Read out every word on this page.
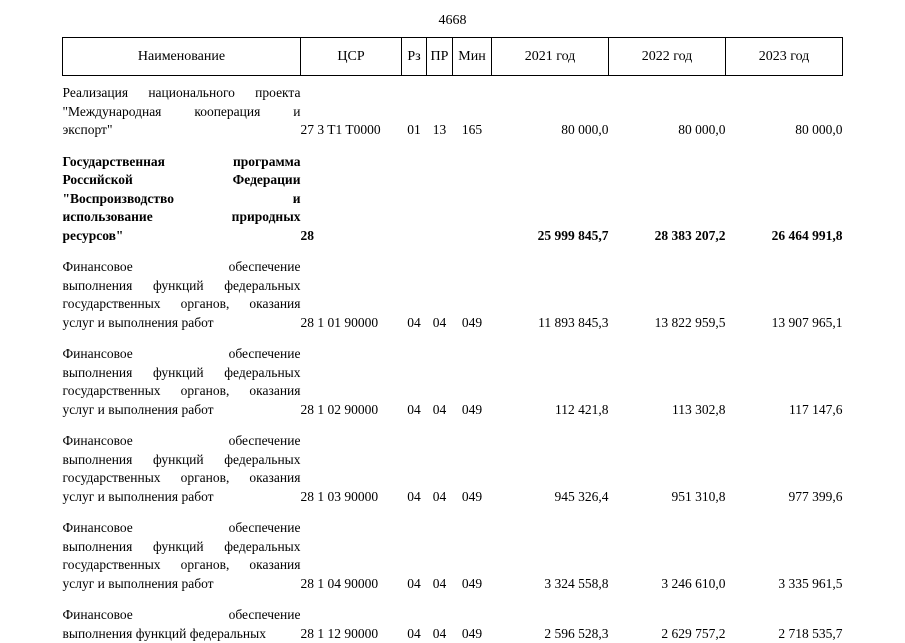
4668
Наименование	ЦСР	Рз	ПР	Мин	2021 год	2022 год	2023 год

Реализация национального проекта
"Международная кооперация и
экспорт"	27 3 T1 T0000	01	13	165	80 000,0	80 000,0	80 000,0

Государственная программа
Российской Федерации
"Воспроизводство и
использование природных
ресурсов"	28				25 999 845,7	28 383 207,2	26 464 991,8

Финансовое обеспечение
выполнения функций федеральных
государственных органов, оказания
услуг и выполнения работ	28 1 01 90000	04	04	049	11 893 845,3	13 822 959,5	13 907 965,1

Финансовое обеспечение
выполнения функций федеральных
государственных органов, оказания
услуг и выполнения работ	28 1 02 90000	04	04	049	112 421,8	113 302,8	117 147,6

Финансовое обеспечение
выполнения функций федеральных
государственных органов, оказания
услуг и выполнения работ	28 1 03 90000	04	04	049	945 326,4	951 310,8	977 399,6

Финансовое обеспечение
выполнения функций федеральных
государственных органов, оказания
услуг и выполнения работ	28 1 04 90000	04	04	049	3 324 558,8	3 246 610,0	3 335 961,5

Финансовое обеспечение
выполнения функций федеральных	28 1 12 90000	04	04	049	2 596 528,3	2 629 757,2	2 718 535,7
